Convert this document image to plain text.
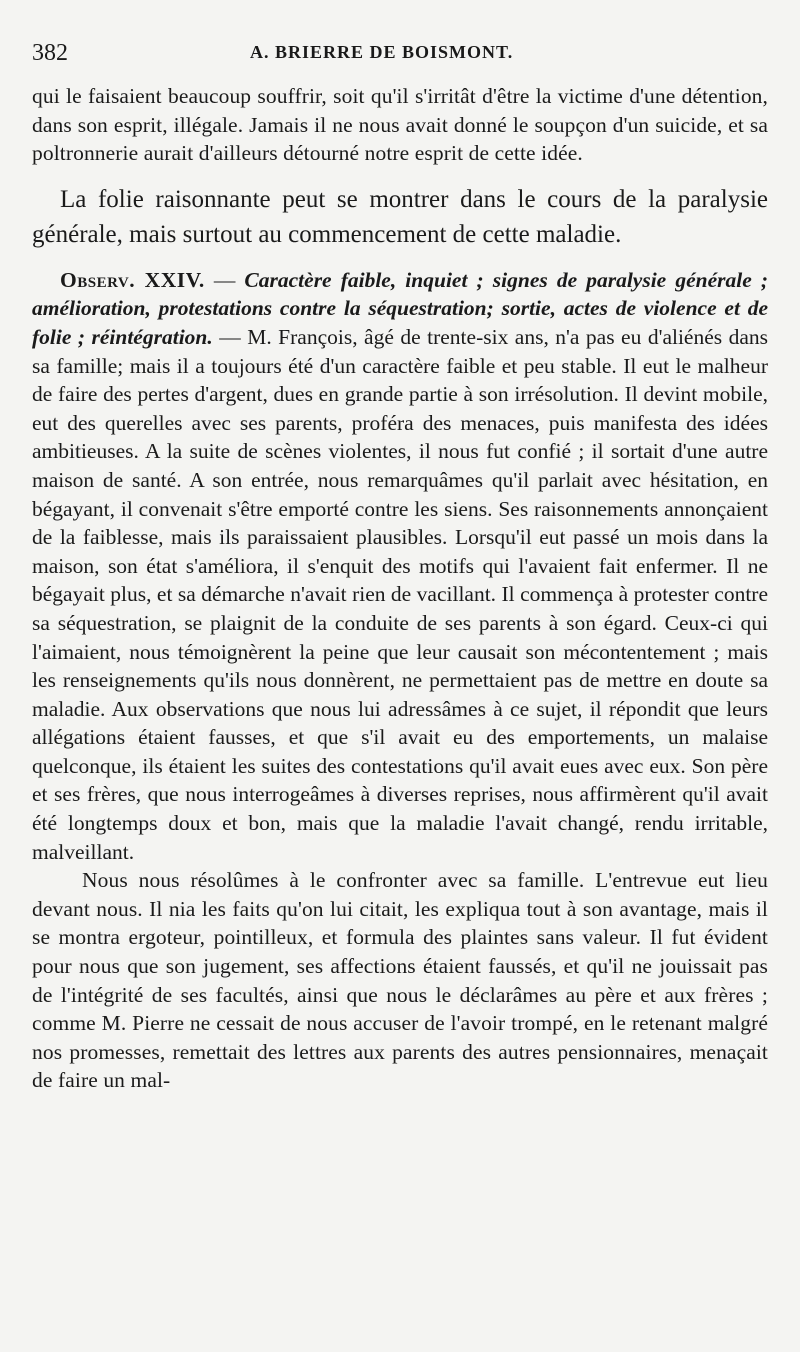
382	A. BRIERRE DE BOISMONT.

qui le faisaient beaucoup souffrir, soit qu'il s'irritât d'être la victime d'une détention, dans son esprit, illégale. Jamais il ne nous avait donné le soupçon d'un suicide, et sa poltronnerie aurait d'ailleurs détourné notre esprit de cette idée.

La folie raisonnante peut se montrer dans le cours de la paralysie générale, mais surtout au commencement de cette maladie.

Observ. XXIV. — Caractère faible, inquiet ; signes de paralysie générale ; amélioration, protestations contre la séquestration; sortie, actes de violence et de folie ; réintégration. — M. François, âgé de trente-six ans, n'a pas eu d'aliénés dans sa famille; mais il a toujours été d'un caractère faible et peu stable. Il eut le malheur de faire des pertes d'argent, dues en grande partie à son irrésolution. Il devint mobile, eut des querelles avec ses parents, proféra des menaces, puis manifesta des idées ambitieuses. A la suite de scènes violentes, il nous fut confié ; il sortait d'une autre maison de santé. A son entrée, nous remarquâmes qu'il parlait avec hésitation, en bégayant, il convenait s'être emporté contre les siens. Ses raisonnements annonçaient de la faiblesse, mais ils paraissaient plausibles. Lorsqu'il eut passé un mois dans la maison, son état s'améliora, il s'enquit des motifs qui l'avaient fait enfermer. Il ne bégayait plus, et sa démarche n'avait rien de vacillant. Il commença à protester contre sa séquestration, se plaignit de la conduite de ses parents à son égard. Ceux-ci qui l'aimaient, nous témoignèrent la peine que leur causait son mécontentement ; mais les renseignements qu'ils nous donnèrent, ne permettaient pas de mettre en doute sa maladie. Aux observations que nous lui adressâmes à ce sujet, il répondit que leurs allégations étaient fausses, et que s'il avait eu des emportements, un malaise quelconque, ils étaient les suites des contestations qu'il avait eues avec eux. Son père et ses frères, que nous interrogeâmes à diverses reprises, nous affirmèrent qu'il avait été longtemps doux et bon, mais que la maladie l'avait changé, rendu irritable, malveillant.

Nous nous résolûmes à le confronter avec sa famille. L'entrevue eut lieu devant nous. Il nia les faits qu'on lui citait, les expliqua tout à son avantage, mais il se montra ergoteur, pointilleux, et formula des plaintes sans valeur. Il fut évident pour nous que son jugement, ses affections étaient faussés, et qu'il ne jouissait pas de l'intégrité de ses facultés, ainsi que nous le déclarâmes au père et aux frères ; comme M. Pierre ne cessait de nous accuser de l'avoir trompé, en le retenant malgré nos promesses, remettait des lettres aux parents des autres pensionnaires, menaçait de faire un mal-
